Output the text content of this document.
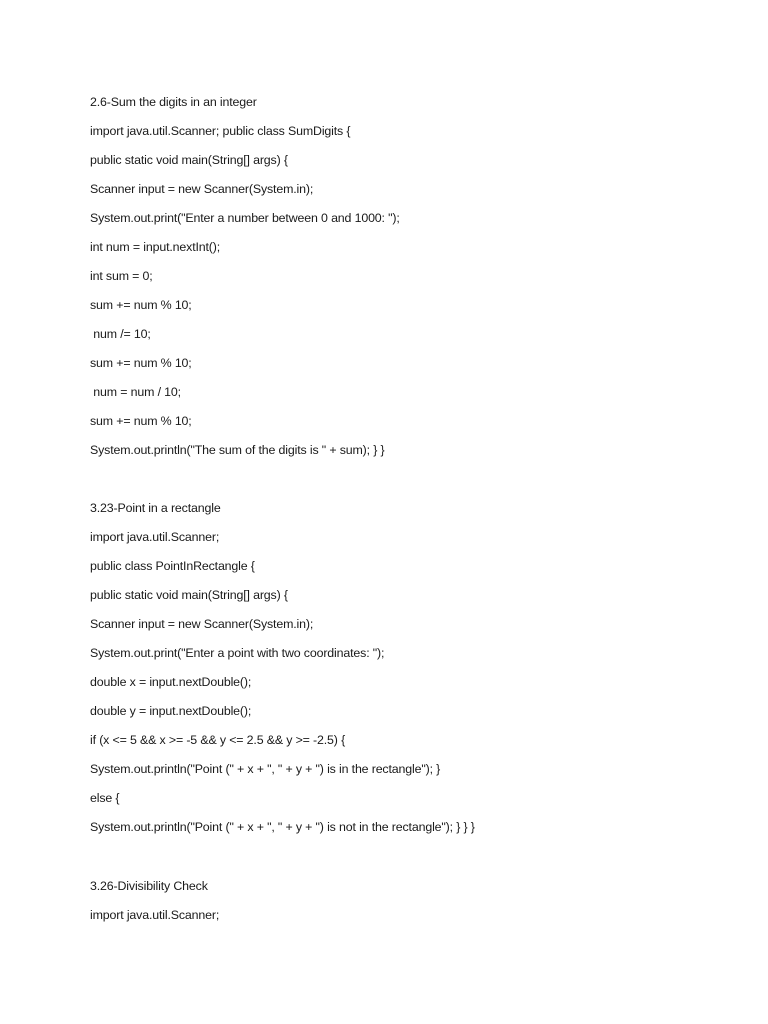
2.6-Sum the digits in an integer
import java.util.Scanner; public class SumDigits {
public static void main(String[] args) {
Scanner input = new Scanner(System.in);
System.out.print("Enter a number between 0 and 1000: ");
int num = input.nextInt();
int sum = 0;
sum += num % 10;
num /= 10;
sum += num % 10;
num = num / 10;
sum += num % 10;
System.out.println("The sum of the digits is " + sum); } }
3.23-Point in a rectangle
import java.util.Scanner;
public class PointInRectangle {
public static void main(String[] args) {
Scanner input = new Scanner(System.in);
System.out.print("Enter a point with two coordinates: ");
double x = input.nextDouble();
double y = input.nextDouble();
if (x <= 5 && x >= -5 && y <= 2.5 && y >= -2.5) {
System.out.println("Point (" + x + ", " + y + ") is in the rectangle"); }
else {
System.out.println("Point (" + x + ", " + y + ") is not in the rectangle"); } } }
3.26-Divisibility Check
import java.util.Scanner;
